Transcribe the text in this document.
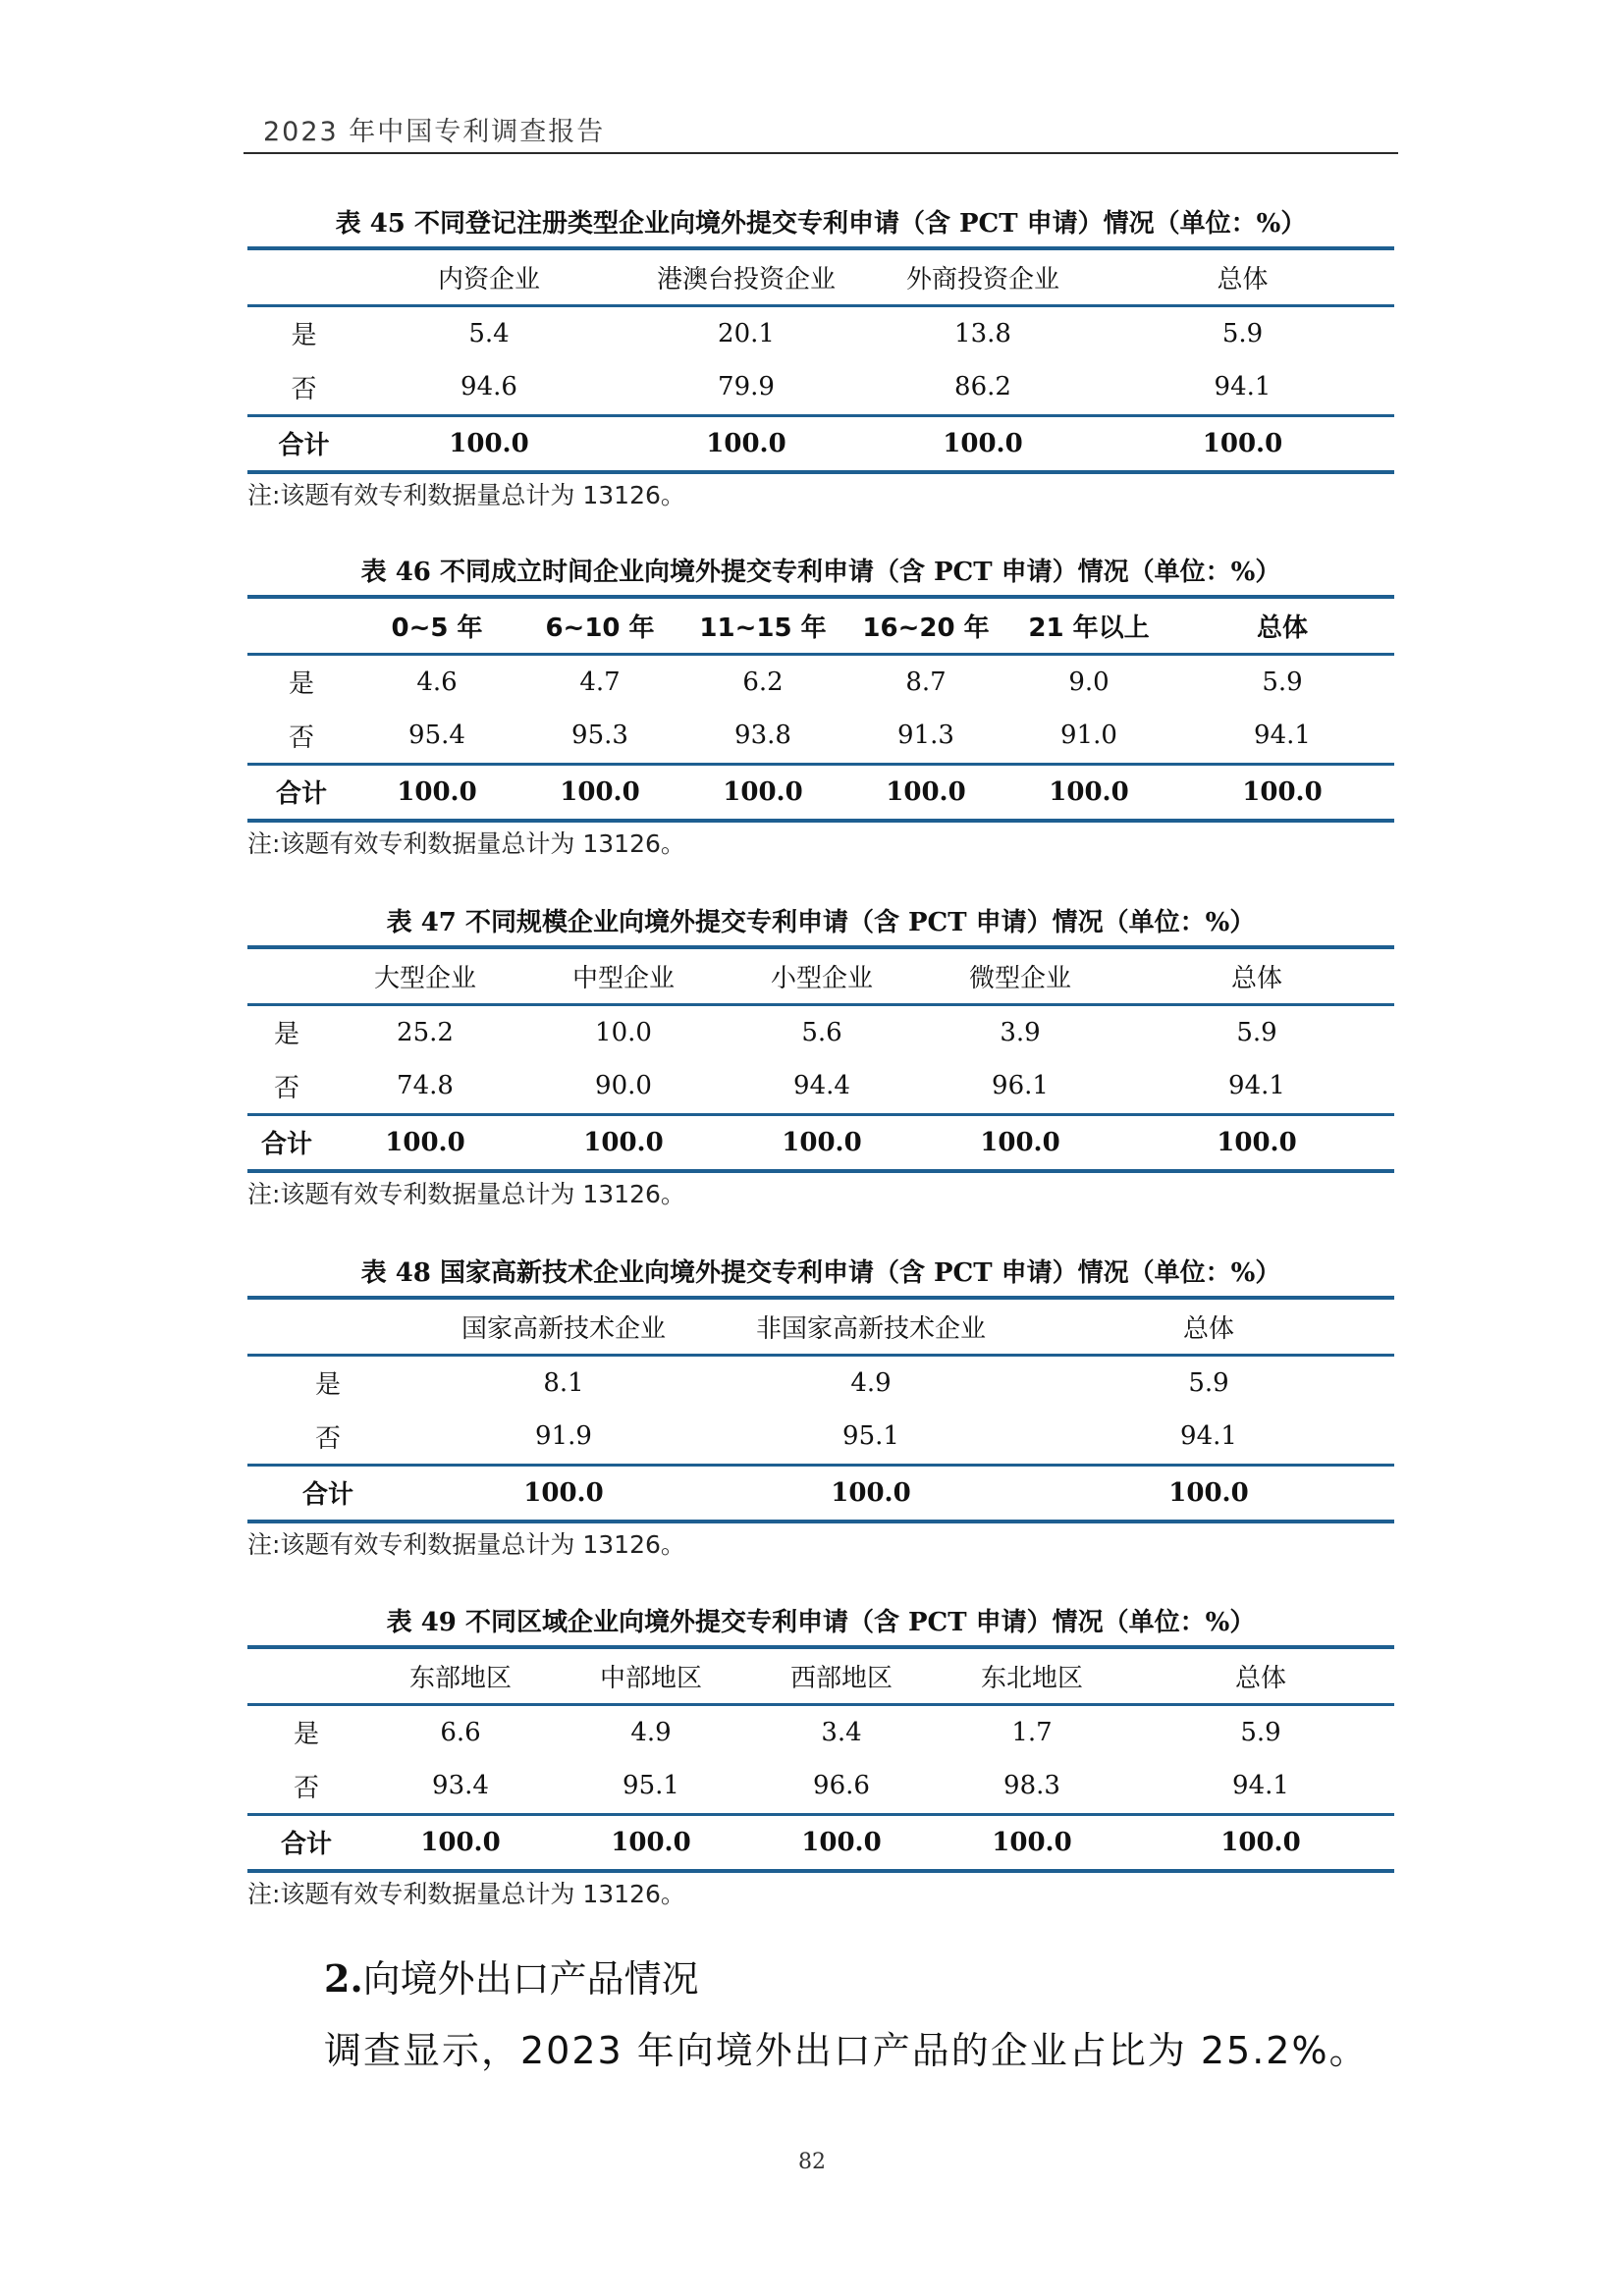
2023 年中国专利调查报告
表 45 不同登记注册类型企业向境外提交专利申请（含 PCT 申请）情况（单位：%）
	内资企业	港澳台投资企业	外商投资企业	总体
是	5.4	20.1	13.8	5.9
否	94.6	79.9	86.2	94.1
合计	100.0	100.0	100.0	100.0
注:该题有效专利数据量总计为 13126。
表 46 不同成立时间企业向境外提交专利申请（含 PCT 申请）情况（单位：%）
	0~5 年	6~10 年	11~15 年	16~20 年	21 年以上	总体
是	4.6	4.7	6.2	8.7	9.0	5.9
否	95.4	95.3	93.8	91.3	91.0	94.1
合计	100.0	100.0	100.0	100.0	100.0	100.0
注:该题有效专利数据量总计为 13126。
表 47 不同规模企业向境外提交专利申请（含 PCT 申请）情况（单位：%）
	大型企业	中型企业	小型企业	微型企业	总体
是	25.2	10.0	5.6	3.9	5.9
否	74.8	90.0	94.4	96.1	94.1
合计	100.0	100.0	100.0	100.0	100.0
注:该题有效专利数据量总计为 13126。
表 48 国家高新技术企业向境外提交专利申请（含 PCT 申请）情况（单位：%）
	国家高新技术企业	非国家高新技术企业	总体
是	8.1	4.9	5.9
否	91.9	95.1	94.1
合计	100.0	100.0	100.0
注:该题有效专利数据量总计为 13126。
表 49 不同区域企业向境外提交专利申请（含 PCT 申请）情况（单位：%）
	东部地区	中部地区	西部地区	东北地区	总体
是	6.6	4.9	3.4	1.7	5.9
否	93.4	95.1	96.6	98.3	94.1
合计	100.0	100.0	100.0	100.0	100.0
注:该题有效专利数据量总计为 13126。
2.向境外出口产品情况
调查显示，2023 年向境外出口产品的企业占比为 25.2%。
82
